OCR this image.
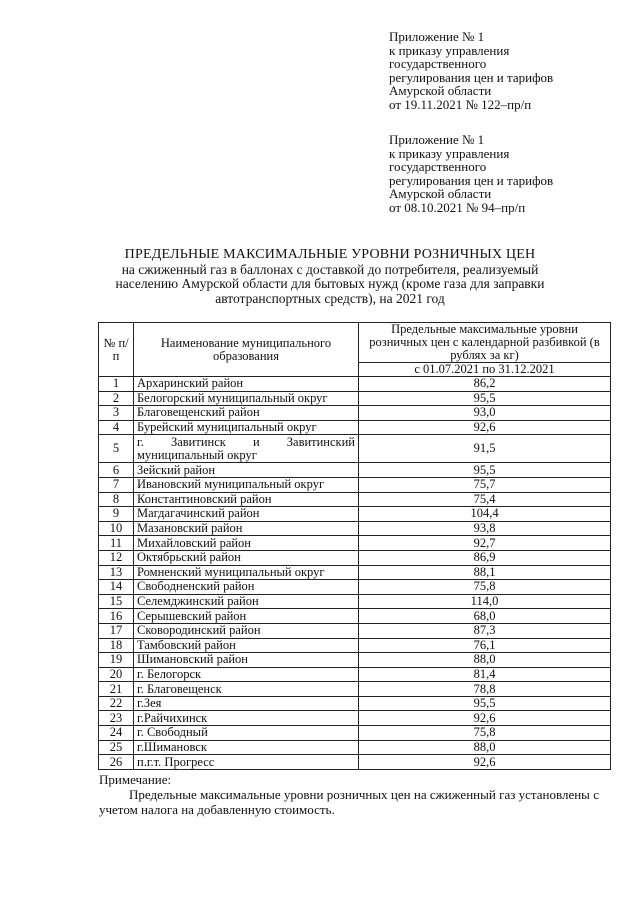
Приложение № 1
к приказу управления
государственного
регулирования цен и тарифов
Амурской области
от 19.11.2021 № 122–пр/п
Приложение № 1
к приказу управления
государственного
регулирования цен и тарифов
Амурской области
от 08.10.2021 № 94–пр/п
ПРЕДЕЛЬНЫЕ МАКСИМАЛЬНЫЕ УРОВНИ РОЗНИЧНЫХ ЦЕН
на сжиженный газ в баллонах с доставкой до потребителя, реализуемый
населению Амурской области для бытовых нужд (кроме газа для заправки
автотранспортных средств), на 2021 год
№ п/п	Наименование муниципального образования	Предельные максимальные уровни розничных цен с календарной разбивкой (в рублях за кг)
		с 01.07.2021 по 31.12.2021
1	Архаринский район	86,2
2	Белогорский муниципальный округ	95,5
3	Благовещенский район	93,0
4	Бурейский муниципальный округ	92,6
5	г. Завитинск и Завитинский муниципальный округ	91,5
6	Зейский район	95,5
7	Ивановский муниципальный округ	75,7
8	Константиновский район	75,4
9	Магдагачинский район	104,4
10	Мазановский район	93,8
11	Михайловский район	92,7
12	Октябрьский район	86,9
13	Ромненский муниципальный округ	88,1
14	Свободненский район	75,8
15	Селемджинский район	114,0
16	Серышевский район	68,0
17	Сковородинский район	87,3
18	Тамбовский район	76,1
19	Шимановский район	88,0
20	г. Белогорск	81,4
21	г. Благовещенск	78,8
22	г.Зея	95,5
23	г.Райчихинск	92,6
24	г. Свободный	75,8
25	г.Шимановск	88,0
26	п.г.т. Прогресс	92,6
Примечание:
Предельные максимальные уровни розничных цен на сжиженный газ установлены с учетом налога на добавленную стоимость.
